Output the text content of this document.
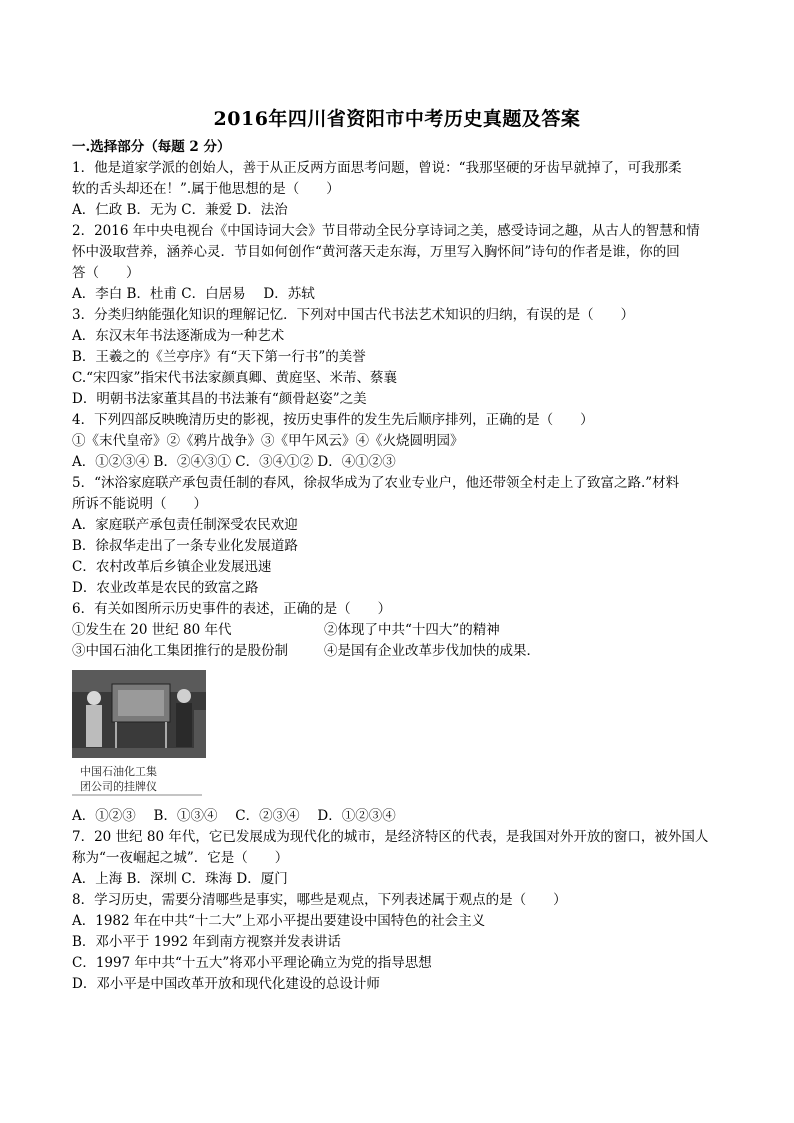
2016年四川省资阳市中考历史真题及答案
一.选择部分（每题 2 分）
1．他是道家学派的创始人，善于从正反两方面思考问题，曾说：“我那坚硬的牙齿早就掉了，可我那柔
软的舌头却还在！”.属于他思想的是（　　）
A．仁政 B．无为 C．兼爱 D．法治
2．2016 年中央电视台《中国诗词大会》节目带动全民分享诗词之美，感受诗词之趣，从古人的智慧和情
怀中汲取营养，涵养心灵．节目如何创作“黄河落天走东海，万里写入胸怀间”诗句的作者是谁，你的回
答（　　）
A．李白 B．杜甫 C．白居易　 D．苏轼
3．分类归纳能强化知识的理解记忆．下列对中国古代书法艺术知识的归纳，有误的是（　　）
A．东汉末年书法逐渐成为一种艺术
B．王羲之的《兰亭序》有“天下第一行书”的美誉
C.“宋四家”指宋代书法家颜真卿、黄庭坚、米芾、蔡襄
D．明朝书法家董其昌的书法兼有“颜骨赵姿”之美
4．下列四部反映晚清历史的影视，按历史事件的发生先后顺序排列，正确的是（　　）
①《末代皇帝》②《鸦片战争》③《甲午风云》④《火烧圆明园》
A．①②③④ B．②④③① C．③④①② D．④①②③
5．“沐浴家庭联产承包责任制的春风，徐叔华成为了农业专业户，他还带领全村走上了致富之路.”材料
所诉不能说明（　　）
A．家庭联产承包责任制深受农民欢迎
B．徐叔华走出了一条专业化发展道路
C．农村改革后乡镇企业发展迅速
D．农业改革是农民的致富之路
6．有关如图所示历史事件的表述，正确的是（　　）
①发生在 20 世纪 80 年代	②体现了中共“十四大”的精神
③中国石油化工集团推行的是股份制	④是国有企业改革步伐加快的成果．
中国石油化工集
团公司的挂牌仪
A．①②③　 B．①③④　 C．②③④　 D．①②③④
7．20 世纪 80 年代，它已发展成为现代化的城市，是经济特区的代表，是我国对外开放的窗口，被外国人
称为“一夜崛起之城”．它是（　　）
A．上海 B．深圳 C．珠海 D．厦门
8．学习历史，需要分清哪些是事实，哪些是观点，下列表述属于观点的是（　　）
A．1982 年在中共“十二大”上邓小平提出要建设中国特色的社会主义
B．邓小平于 1992 年到南方视察并发表讲话
C．1997 年中共“十五大”将邓小平理论确立为党的指导思想
D．邓小平是中国改革开放和现代化建设的总设计师
